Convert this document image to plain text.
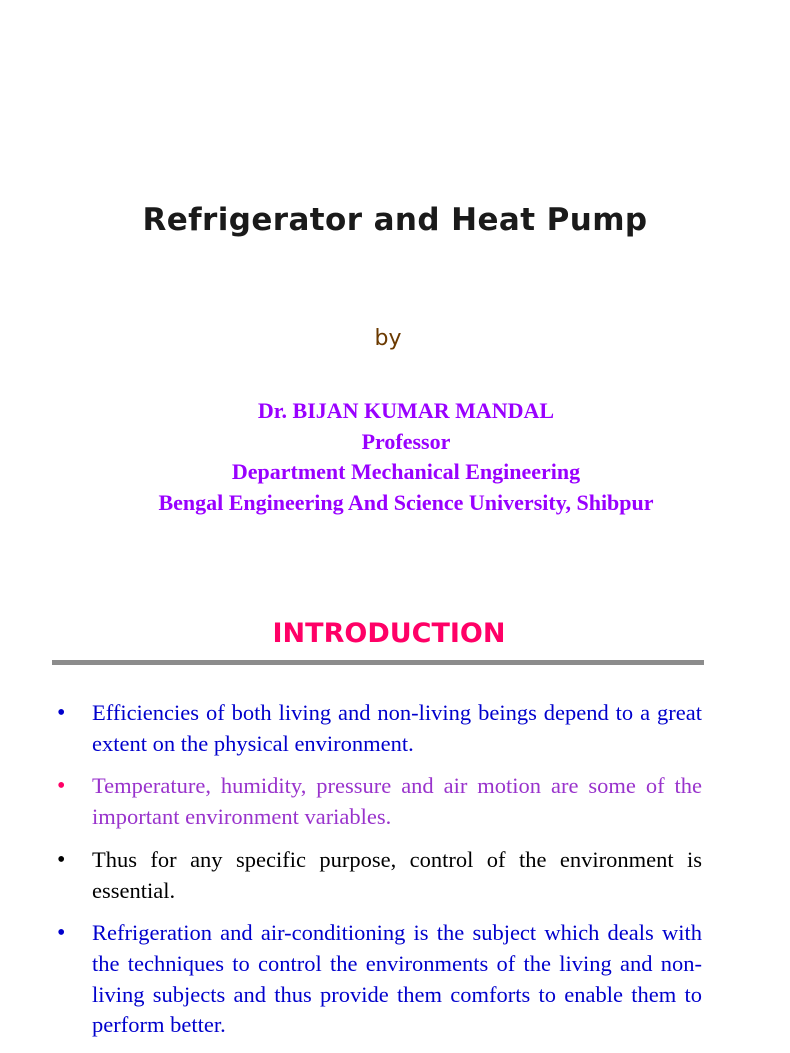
Refrigerator and Heat Pump
by
Dr. BIJAN KUMAR MANDAL
Professor
Department Mechanical Engineering
Bengal Engineering And Science University, Shibpur
INTRODUCTION
• Efficiencies of both living and non-living beings depend to a great extent on the physical environment.
• Temperature, humidity, pressure and air motion are some of the important environment variables.
• Thus for any specific purpose, control of the environment is essential.
• Refrigeration and air-conditioning is the subject which deals with the techniques to control the environments of the living and non-living subjects and thus provide them comforts to enable them to perform better.
